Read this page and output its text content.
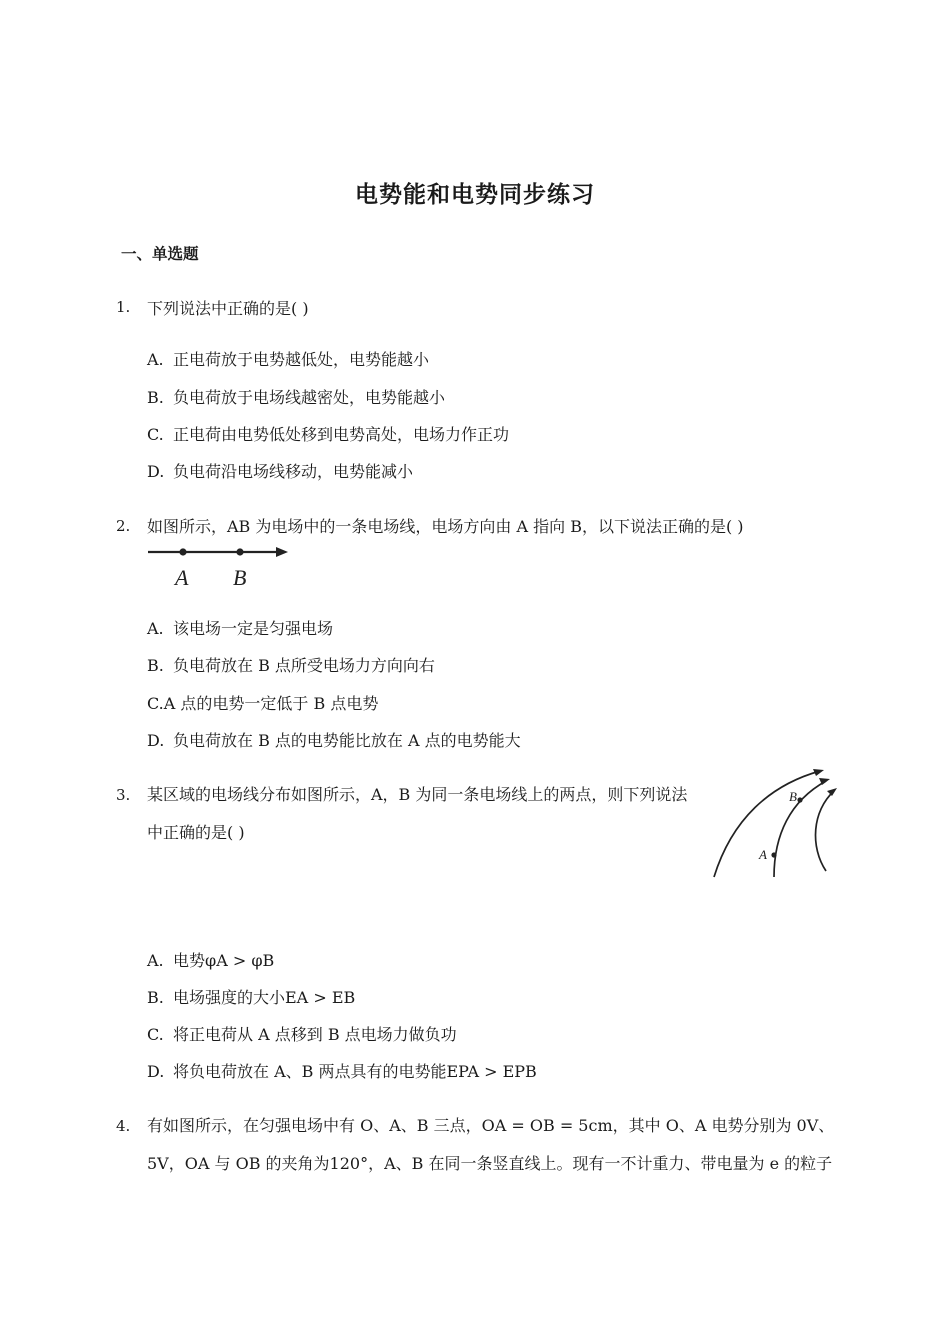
电势能和电势同步练习
一、单选题
1. 下列说法中正确的是( )
A. 正电荷放于电势越低处，电势能越小
B. 负电荷放于电场线越密处，电势能越小
C. 正电荷由电势低处移到电势高处，电场力作正功
D. 负电荷沿电场线移动，电势能减小
2. 如图所示，AB 为电场中的一条电场线，电场方向由 A 指向 B，以下说法正确的是( )
A B
A. 该电场一定是匀强电场
B. 负电荷放在 B 点所受电场力方向向右
C.A 点的电势一定低于 B 点电势
D. 负电荷放在 B 点的电势能比放在 A 点的电势能大
3. 某区域的电场线分布如图所示，A，B 为同一条电场线上的两点，则下列说法
中正确的是( )
A
B
A. 电势φA > φB
B. 电场强度的大小EA > EB
C. 将正电荷从 A 点移到 B 点电场力做负功
D. 将负电荷放在 A、B 两点具有的电势能EPA > EPB
4. 有如图所示，在匀强电场中有 O、A、B 三点，OA = OB = 5cm，其中 O、A 电势分别为 0V、
5V，OA 与 OB 的夹角为120°，A、B 在同一条竖直线上。现有一不计重力、带电量为 e 的粒子
